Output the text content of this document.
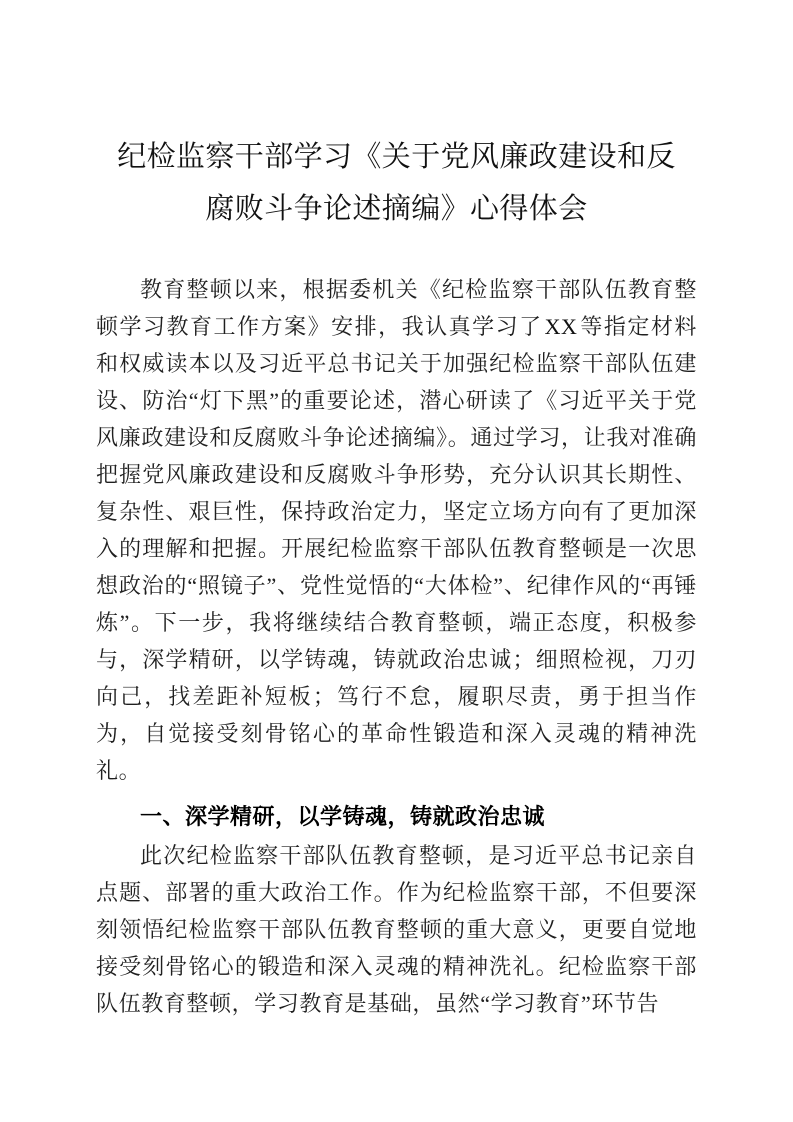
纪检监察干部学习《关于党风廉政建设和反
腐败斗争论述摘编》心得体会

教育整顿以来，根据委机关《纪检监察干部队伍教育整顿学习教育工作方案》安排，我认真学习了XX等指定材料和权威读本以及习近平总书记关于加强纪检监察干部队伍建设、防治“灯下黑”的重要论述，潜心研读了《习近平关于党风廉政建设和反腐败斗争论述摘编》。通过学习，让我对准确把握党风廉政建设和反腐败斗争形势，充分认识其长期性、复杂性、艰巨性，保持政治定力，坚定立场方向有了更加深入的理解和把握。开展纪检监察干部队伍教育整顿是一次思想政治的“照镜子”、党性觉悟的“大体检”、纪律作风的“再锤炼”。下一步，我将继续结合教育整顿，端正态度，积极参与，深学精研，以学铸魂，铸就政治忠诚；细照检视，刀刃向己，找差距补短板；笃行不怠，履职尽责，勇于担当作为，自觉接受刻骨铭心的革命性锻造和深入灵魂的精神洗礼。

一、深学精研，以学铸魂，铸就政治忠诚

此次纪检监察干部队伍教育整顿，是习近平总书记亲自点题、部署的重大政治工作。作为纪检监察干部，不但要深刻领悟纪检监察干部队伍教育整顿的重大意义，更要自觉地接受刻骨铭心的锻造和深入灵魂的精神洗礼。纪检监察干部队伍教育整顿，学习教育是基础，虽然“学习教育”环节告
